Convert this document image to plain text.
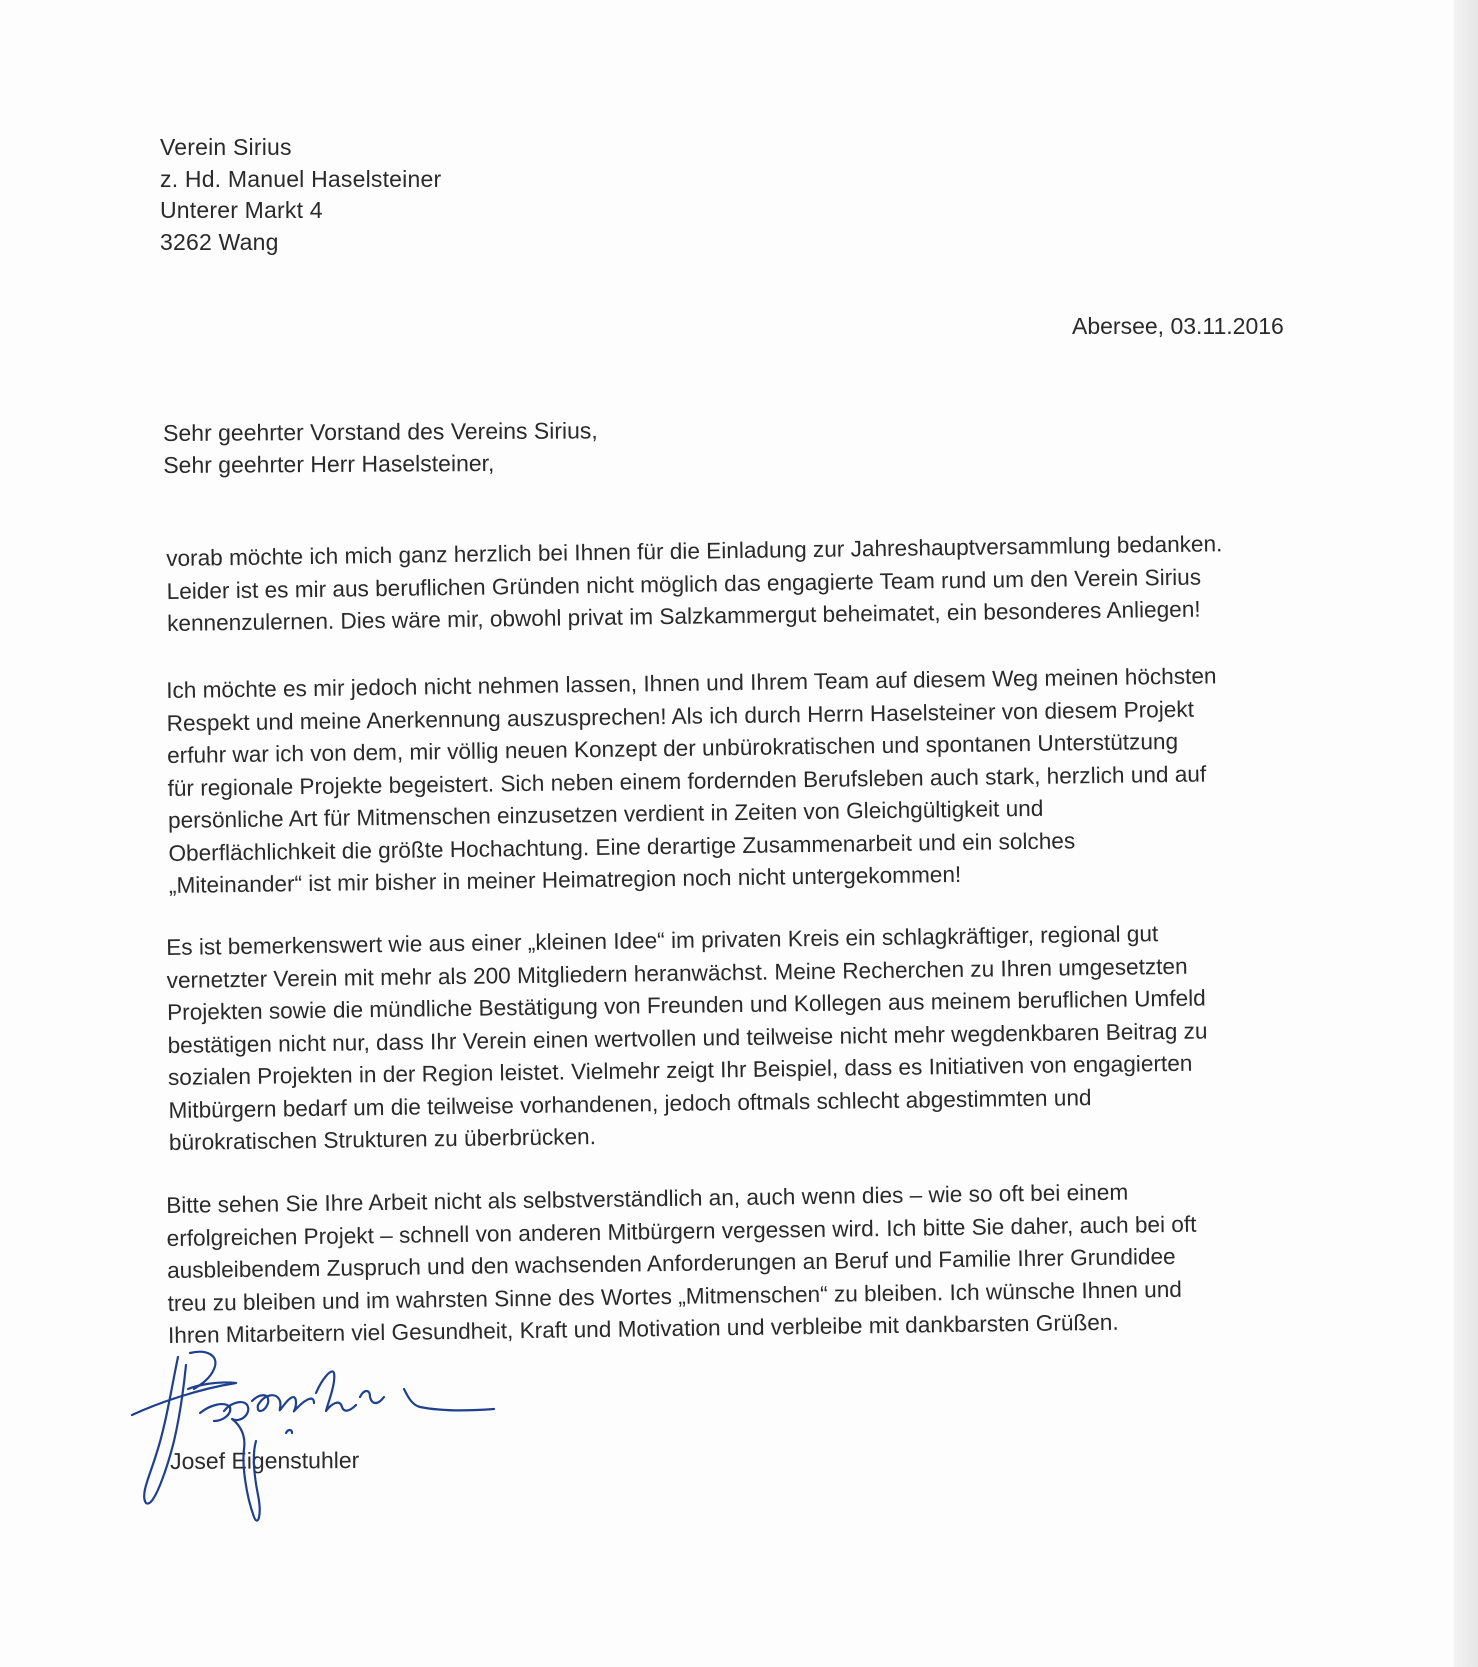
Verein Sirius
z. Hd. Manuel Haselsteiner
Unterer Markt 4
3262 Wang
Abersee, 03.11.2016
Sehr geehrter Vorstand des Vereins Sirius,
Sehr geehrter Herr Haselsteiner,
vorab möchte ich mich ganz herzlich bei Ihnen für die Einladung zur Jahreshauptversammlung bedanken.
Leider ist es mir aus beruflichen Gründen nicht möglich das engagierte Team rund um den Verein Sirius
kennenzulernen. Dies wäre mir, obwohl privat im Salzkammergut beheimatet, ein besonderes Anliegen!
Ich möchte es mir jedoch nicht nehmen lassen, Ihnen und Ihrem Team auf diesem Weg meinen höchsten
Respekt und meine Anerkennung auszusprechen! Als ich durch Herrn Haselsteiner von diesem Projekt
erfuhr war ich von dem, mir völlig neuen Konzept der unbürokratischen und spontanen Unterstützung
für regionale Projekte begeistert. Sich neben einem fordernden Berufsleben auch stark, herzlich und auf
persönliche Art für Mitmenschen einzusetzen verdient in Zeiten von Gleichgültigkeit und
Oberflächlichkeit die größte Hochachtung. Eine derartige Zusammenarbeit und ein solches
„Miteinander“ ist mir bisher in meiner Heimatregion noch nicht untergekommen!
Es ist bemerkenswert wie aus einer „kleinen Idee“ im privaten Kreis ein schlagkräftiger, regional gut
vernetzter Verein mit mehr als 200 Mitgliedern heranwächst. Meine Recherchen zu Ihren umgesetzten
Projekten sowie die mündliche Bestätigung von Freunden und Kollegen aus meinem beruflichen Umfeld
bestätigen nicht nur, dass Ihr Verein einen wertvollen und teilweise nicht mehr wegdenkbaren Beitrag zu
sozialen Projekten in der Region leistet. Vielmehr zeigt Ihr Beispiel, dass es Initiativen von engagierten
Mitbürgern bedarf um die teilweise vorhandenen, jedoch oftmals schlecht abgestimmten und
bürokratischen Strukturen zu überbrücken.
Bitte sehen Sie Ihre Arbeit nicht als selbstverständlich an, auch wenn dies – wie so oft bei einem
erfolgreichen Projekt – schnell von anderen Mitbürgern vergessen wird. Ich bitte Sie daher, auch bei oft
ausbleibendem Zuspruch und den wachsenden Anforderungen an Beruf und Familie Ihrer Grundidee
treu zu bleiben und im wahrsten Sinne des Wortes „Mitmenschen“ zu bleiben. Ich wünsche Ihnen und
Ihren Mitarbeitern viel Gesundheit, Kraft und Motivation und verbleibe mit dankbarsten Grüßen.
Josef Eigenstuhler
